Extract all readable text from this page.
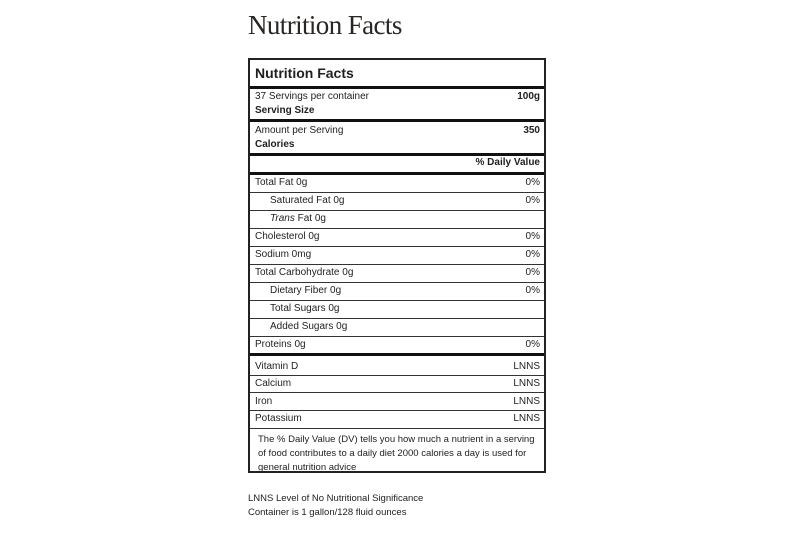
Nutrition Facts
Nutrition Facts
37 Servings per container	100g
Serving Size
Amount per Serving	350
Calories
% Daily Value
Total Fat 0g	0%
Saturated Fat 0g	0%
Trans Fat 0g
Cholesterol 0g	0%
Sodium 0mg	0%
Total Carbohydrate 0g	0%
Dietary Fiber 0g	0%
Total Sugars 0g
Added Sugars 0g
Proteins 0g	0%
Vitamin D	LNNS
Calcium	LNNS
Iron	LNNS
Potassium	LNNS
The % Daily Value (DV) tells you how much a nutrient in a serving of food contributes to a daily diet 2000 calories a day is used for general nutrition advice
LNNS Level of No Nutritional Significance
Container is 1 gallon/128 fluid ounces
